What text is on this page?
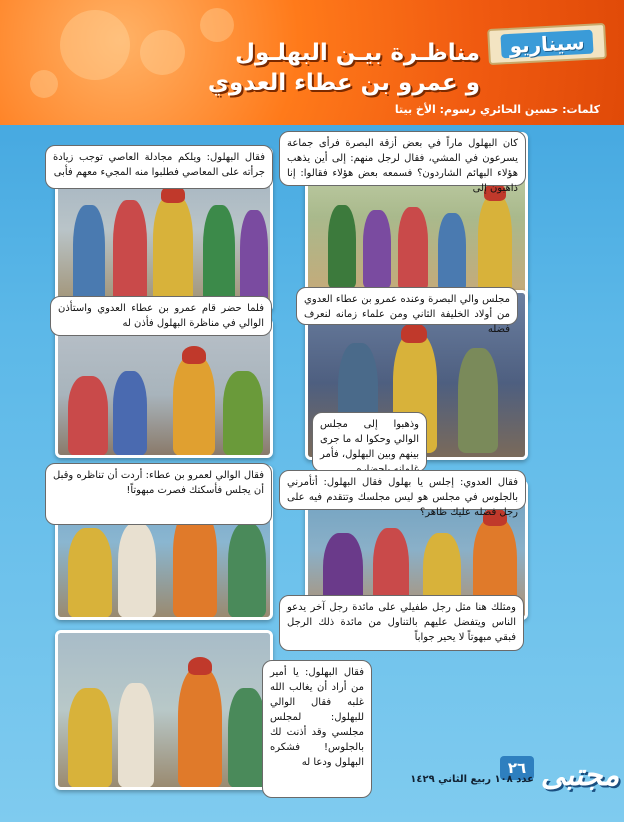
سيناريو
مناظـرة بيـن البهلـول
و عمرو بن عطاء العدوي
كلمات: حسين الحائري رسوم: الأخ بيتا
كان البهلول ماراً في بعض أزقة البصرة فرأى جماعة يسرعون في المشي، فقال لرجل منهم: إلى أين يذهب هؤلاء البهائم الشاردون؟ فسمعه بعض هؤلاء فقالوا: إنا ذاهبون إلى
مجلس والي البصرة وعنده عمرو بن عطاء العدوي من أولاد الخليفة الثاني ومن علماء زمانه لنعرف فضله
وذهبوا إلى مجلس الوالي وحكوا له ما جرى بينهم وبين البهلول، فأمر
فقال العدوي: إجلس يا بهلول فقال البهلول: أتأمرني بالجلوس في مجلس هو ليس مجلسك وتتقدم فيه على رجل فضله عليك ظاهر؟
ومثلك هنا مثل رجل طفيلي على مائدة رجل آخر يدعو الناس ويتفضل عليهم بالتناول من مائدة ذلك الرجل فبقي مبهوتاً لا يحير جواباً
فقال البهلول: ويلكم مجادلة العاصي توجب زيادة جرأته على المعاصي فطلبوا منه المجيء معهم فأبى
فلما حضر قام عمرو بن عطاء العدوي واستأذن الوالي في مناظرة البهلول فأذن له
فقال الوالي لعمرو بن عطاء: أردت أن تناظره وقبل أن يجلس فأسكتك فصرت مبهوتاً!
فقال البهلول: يا أمير من أراد أن يغالب الله غلبه فقال الوالي للبهلول: لمجلس مجلسي وقد أذنت لك بالجلوس! فشكره البهلول ودعا له	٢٦
عدد ١٠٨ ربيع الثاني ١٤٢٩ مجتبى
